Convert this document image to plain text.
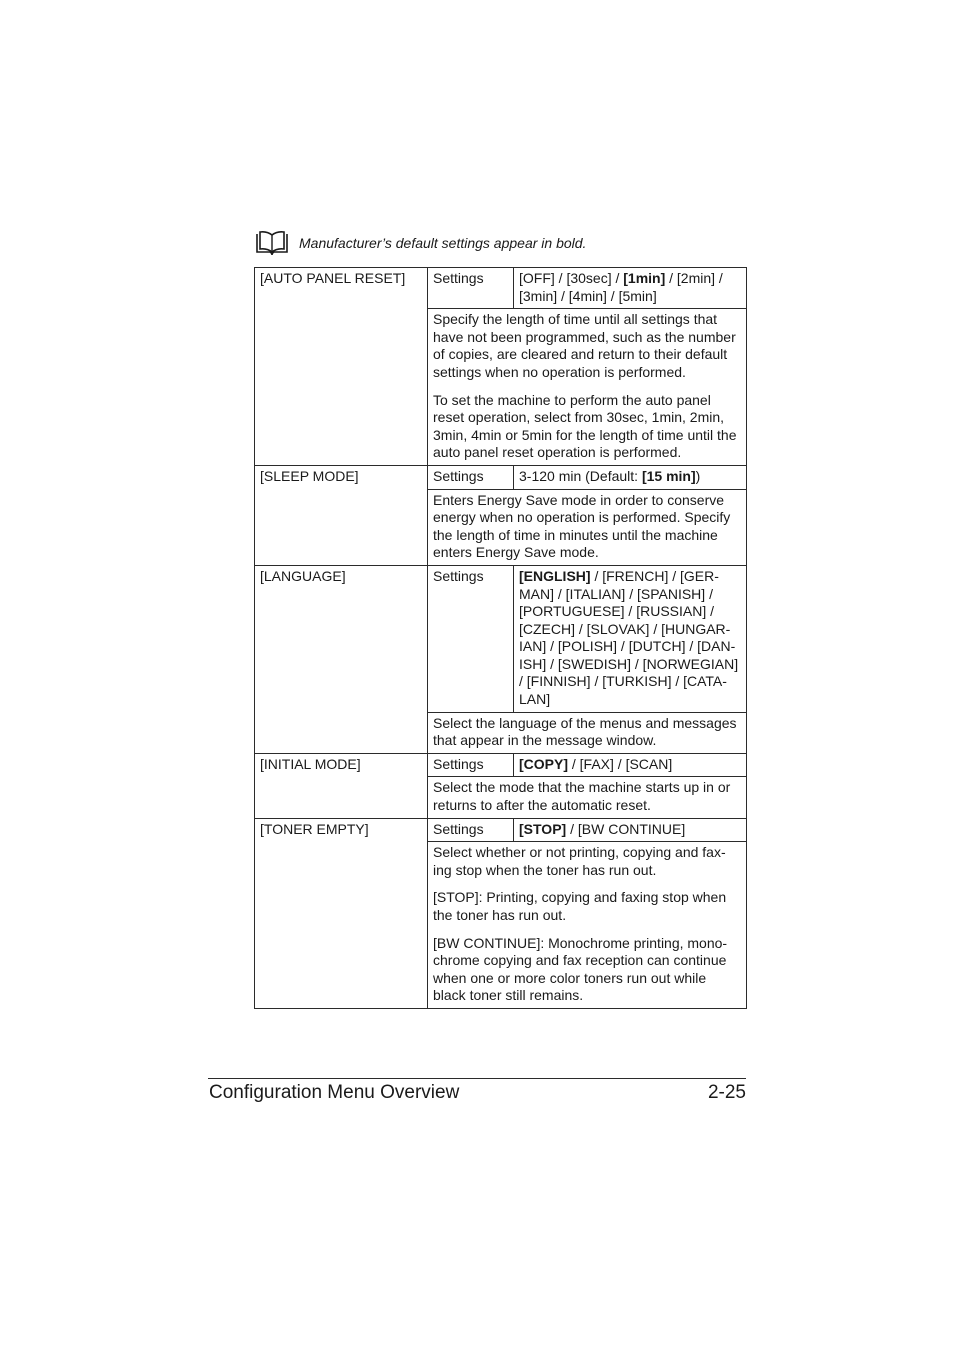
Manufacturer’s default settings appear in bold.
[AUTO PANEL RESET]	Settings	[OFF] / [30sec] / [1min] / [2min] / [3min] / [4min] / [5min]

	Specify the length of time until all settings that have not been programmed, such as the number of copies, are cleared and return to their default settings when no operation is performed.

To set the machine to perform the auto panel reset operation, select from 30sec, 1min, 2min, 3min, 4min or 5min for the length of time until the auto panel reset operation is performed.	

[SLEEP MODE]	Settings	3-120 min (Default: [15 min])

	Enters Energy Save mode in order to conserve energy when no operation is performed. Specify the length of time in minutes until the machine enters Energy Save mode.	

[LANGUAGE]	Settings	[ENGLISH] / [FRENCH] / [GER-MAN] / [ITALIAN] / [SPANISH] / [PORTUGUESE] / [RUSSIAN] / [CZECH] / [SLOVAK] / [HUNGAR-IAN] / [POLISH] / [DUTCH] / [DAN-ISH] / [SWEDISH] / [NORWEGIAN] / [FINNISH] / [TURKISH] / [CATA-LAN]

	Select the language of the menus and messages that appear in the message window.	

[INITIAL MODE]	Settings	[COPY] / [FAX] / [SCAN]

	Select the mode that the machine starts up in or returns to after the automatic reset.	

[TONER EMPTY]	Settings	[STOP] / [BW CONTINUE]

	Select whether or not printing, copying and fax-ing stop when the toner has run out.

[STOP]: Printing, copying and faxing stop when the toner has run out.

[BW CONTINUE]: Monochrome printing, mono-chrome copying and fax reception can continue when one or more color toners run out while black toner still remains.	

Configuration Menu Overview	2-25
